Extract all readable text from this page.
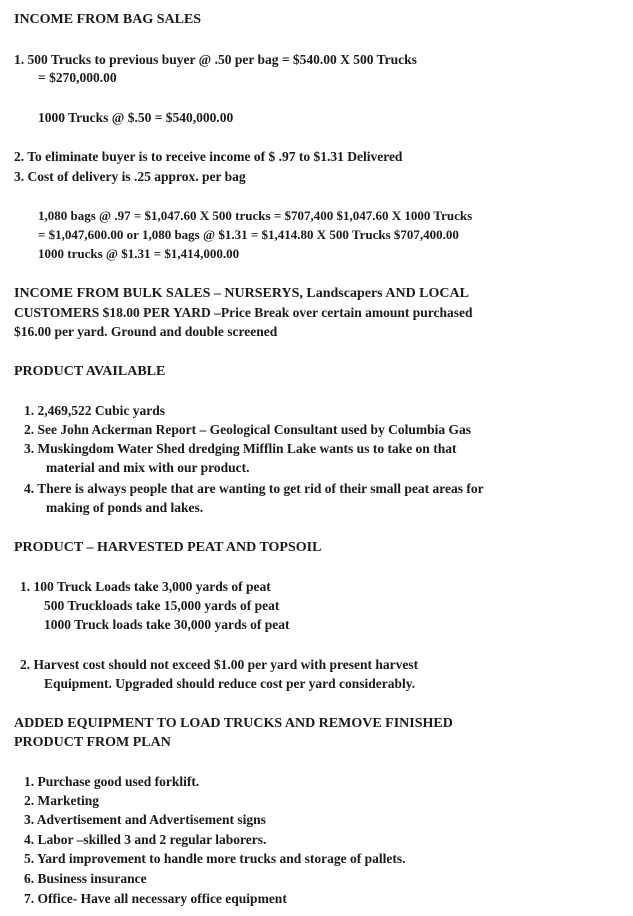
INCOME FROM BAG SALES
1. 500 Trucks to previous buyer @ .50 per bag = $540.00 X 500 Trucks
= $270,000.00
1000 Trucks @ $.50 = $540,000.00
2. To eliminate buyer is to receive income of $ .97 to $1.31 Delivered
3. Cost of delivery is .25 approx. per bag
1,080 bags @ .97 = $1,047.60 X 500 trucks = $707,400 $1,047.60 X 1000 Trucks
= $1,047,600.00 or 1,080 bags @ $1.31 = $1,414.80 X 500 Trucks $707,400.00
1000 trucks @ $1.31 = $1,414,000.00
INCOME FROM BULK SALES – NURSERYS, Landscapers AND LOCAL
CUSTOMERS $18.00 PER YARD –Price Break over certain amount purchased
$16.00 per yard. Ground and double screened
PRODUCT AVAILABLE
1. 2,469,522 Cubic yards
2. See John Ackerman Report – Geological Consultant used by Columbia Gas
3. Muskingdom Water Shed dredging Mifflin Lake wants us to take on that
material and mix with our product.
4. There is always people that are wanting to get rid of their small peat areas for
making of ponds and lakes.
PRODUCT – HARVESTED PEAT AND TOPSOIL
1. 100 Truck Loads take 3,000 yards of peat
500 Truckloads take 15,000 yards of peat
1000 Truck loads take 30,000 yards of peat
2. Harvest cost should not exceed $1.00 per yard with present harvest
Equipment. Upgraded should reduce cost per yard considerably.
ADDED EQUIPMENT TO LOAD TRUCKS AND REMOVE FINISHED
PRODUCT FROM PLAN
1. Purchase good used forklift.
2. Marketing
3. Advertisement and Advertisement signs
4. Labor –skilled 3 and 2 regular laborers.
5. Yard improvement to handle more trucks and storage of pallets.
6. Business insurance
7. Office- Have all necessary office equipment
